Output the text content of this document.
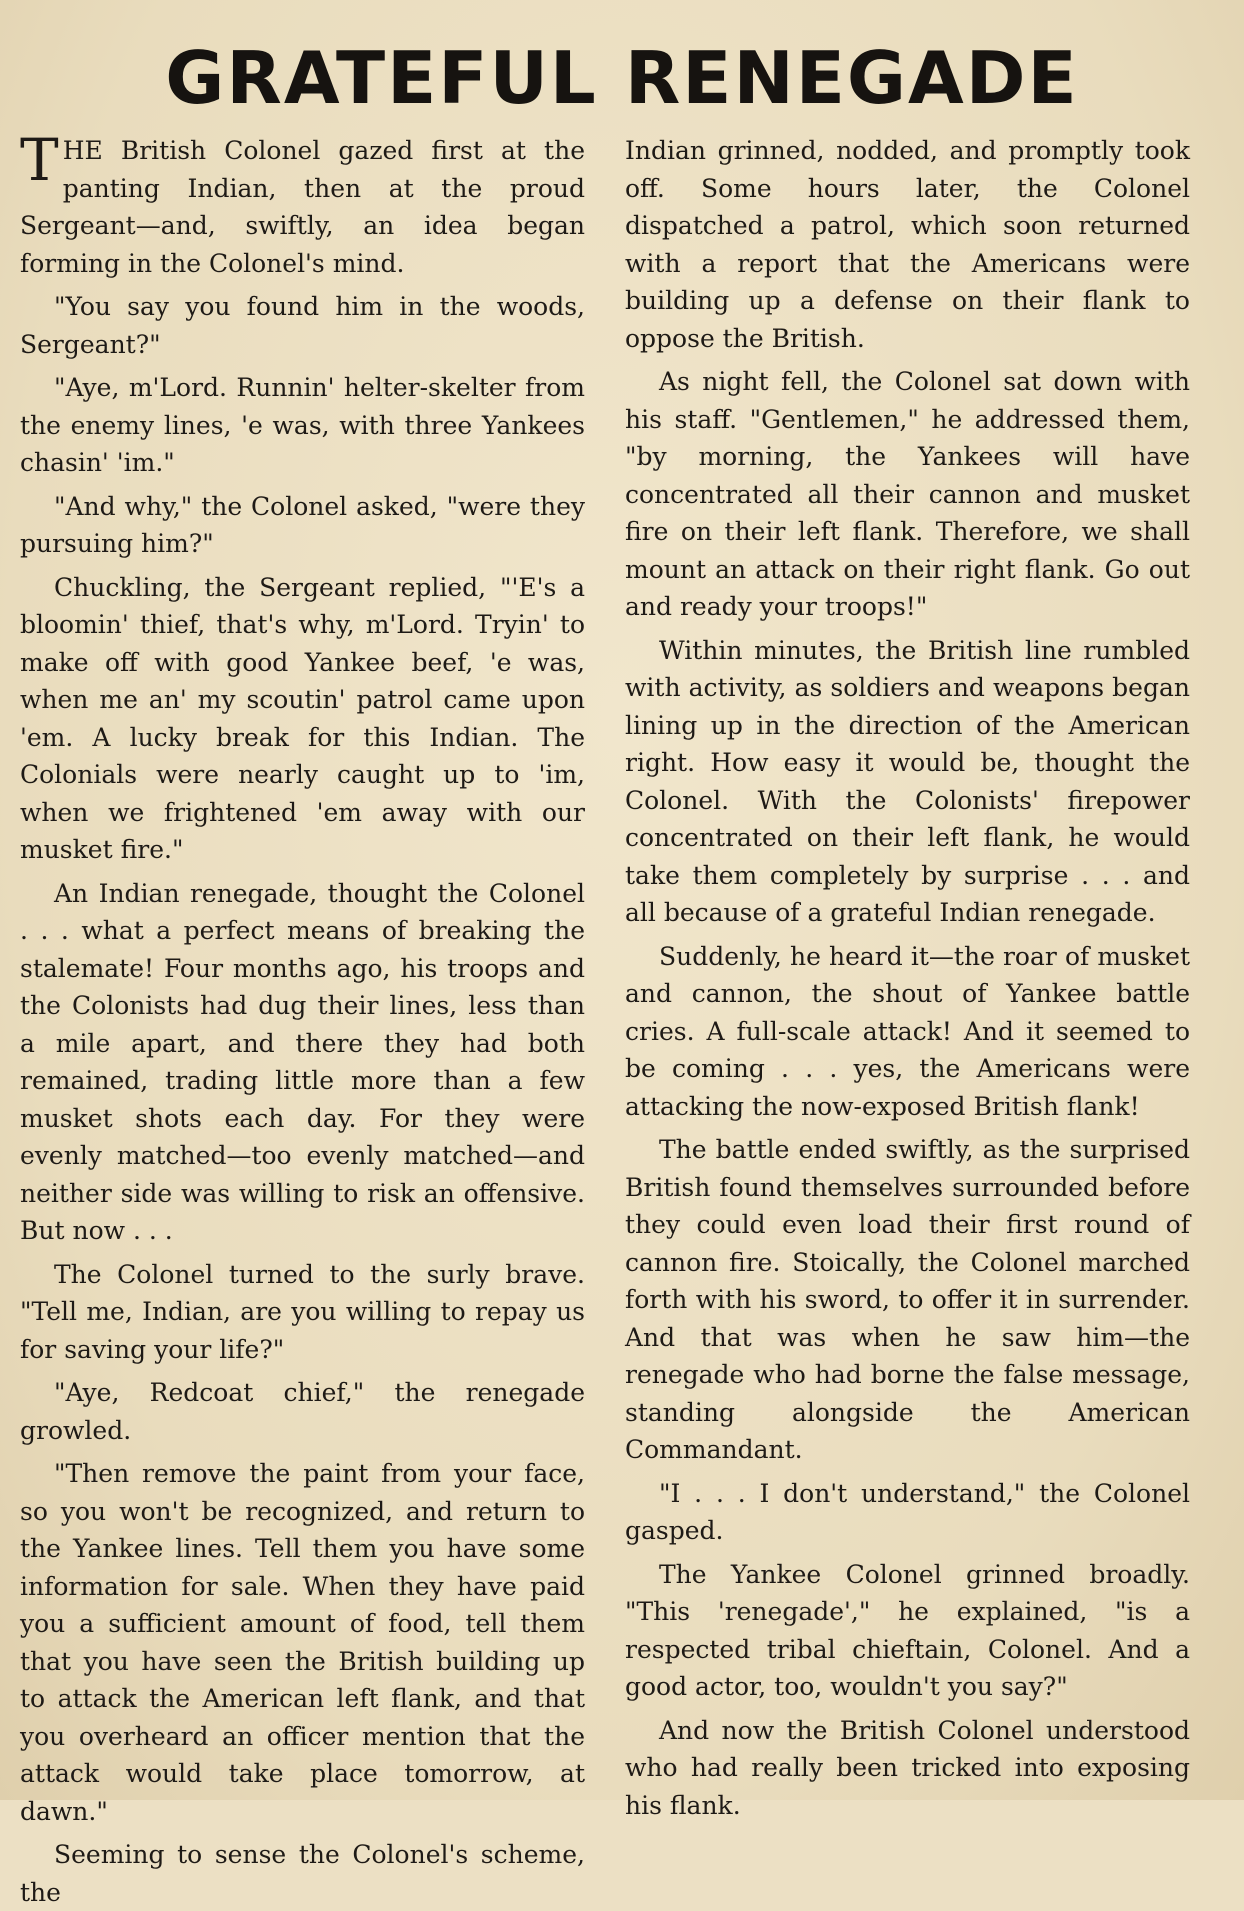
GRATEFUL RENEGADE

THE British Colonel gazed first at the panting Indian, then at the proud Sergeant—and, swiftly, an idea began forming in the Colonel's mind.

"You say you found him in the woods, Sergeant?"

"Aye, m'Lord. Runnin' helter-skelter from the enemy lines, 'e was, with three Yankees chasin' 'im."

"And why," the Colonel asked, "were they pursuing him?"

Chuckling, the Sergeant replied, "'E's a bloomin' thief, that's why, m'Lord. Tryin' to make off with good Yankee beef, 'e was, when me an' my scoutin' patrol came upon 'em. A lucky break for this Indian. The Colonials were nearly caught up to 'im, when we frightened 'em away with our musket fire."

An Indian renegade, thought the Colonel . . . what a perfect means of breaking the stalemate! Four months ago, his troops and the Colonists had dug their lines, less than a mile apart, and there they had both remained, trading little more than a few musket shots each day. For they were evenly matched—too evenly matched—and neither side was willing to risk an offensive. But now . . .

The Colonel turned to the surly brave. "Tell me, Indian, are you willing to repay us for saving your life?"

"Aye, Redcoat chief," the renegade growled.

"Then remove the paint from your face, so you won't be recognized, and return to the Yankee lines. Tell them you have some information for sale. When they have paid you a sufficient amount of food, tell them that you have seen the British building up to attack the American left flank, and that you overheard an officer mention that the attack would take place tomorrow, at dawn."

Seeming to sense the Colonel's scheme, the

Indian grinned, nodded, and promptly took off. Some hours later, the Colonel dispatched a patrol, which soon returned with a report that the Americans were building up a defense on their flank to oppose the British.

As night fell, the Colonel sat down with his staff. "Gentlemen," he addressed them, "by morning, the Yankees will have concentrated all their cannon and musket fire on their left flank. Therefore, we shall mount an attack on their right flank. Go out and ready your troops!"

Within minutes, the British line rumbled with activity, as soldiers and weapons began lining up in the direction of the American right. How easy it would be, thought the Colonel. With the Colonists' firepower concentrated on their left flank, he would take them completely by surprise . . . and all because of a grateful Indian renegade.

Suddenly, he heard it—the roar of musket and cannon, the shout of Yankee battle cries. A full-scale attack! And it seemed to be coming . . . yes, the Americans were attacking the now-exposed British flank!

The battle ended swiftly, as the surprised British found themselves surrounded before they could even load their first round of cannon fire. Stoically, the Colonel marched forth with his sword, to offer it in surrender. And that was when he saw him—the renegade who had borne the false message, standing alongside the American Commandant.

"I . . . I don't understand," the Colonel gasped.

The Yankee Colonel grinned broadly. "This 'renegade'," he explained, "is a respected tribal chieftain, Colonel. And a good actor, too, wouldn't you say?"

And now the British Colonel understood who had really been tricked into exposing his flank.
